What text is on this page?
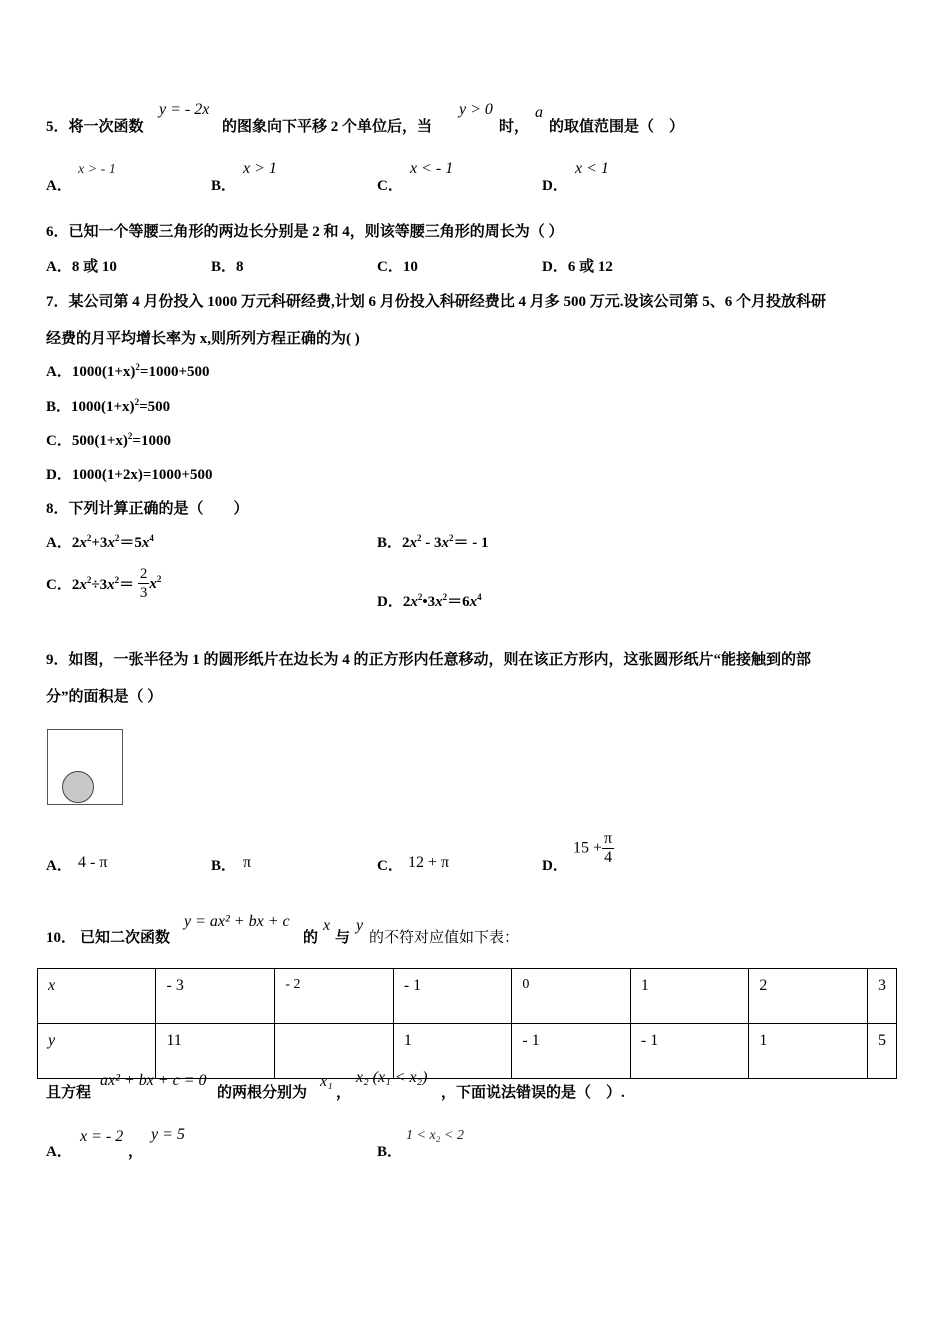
5．将一次函数
y = - 2x
的图象向下平移 2 个单位后，当
y > 0
时，
a
的取值范围是（　）
A．
x > - 1
B．
x > 1
C．
x < - 1
D．
x < 1
6．已知一个等腰三角形的两边长分别是 2 和 4，则该等腰三角形的周长为（ ）
A．8 或 10	B．8	C．10	D．6 或 12
7．某公司第 4 月份投入 1000 万元科研经费,计划 6 月份投入科研经费比 4 月多 500 万元.设该公司第 5、6 个月投放科研
经费的月平均增长率为 x,则所列方程正确的为( )
A．$1000(1+x)^2=1000+500$
B．$1000(1+x)^2=500$
C．$500(1+x)^2=1000$
D．1000(1+2x)=1000+500
8．下列计算正确的是（　　）
A．$2x^2+3x^2=5x^4$	B．$2x^2 - 3x^2= - 1$
C．$2x^2\div 3x^2= \frac{2}{3} x^2$
D．$2x^2•3x^2=6x^4$
9．如图，一张半径为 1 的圆形纸片在边长为 4 的正方形内任意移动，则在该正方形内，这张圆形纸片“能接触到的部
分”的面积是（ ）
A． 4 - π	B． π	C． 12 + π	D．
$15 + \frac{\pi}{4}$
10． 已知二次函数
y = ax² + bx + c
的
x
与
y
的不符对应值如下表：
x	- 3	- 2	- 1	0	1	2	3
y	11		1	- 1	- 1	1	5
且方程
ax² + bx + c = 0
的两根分别为
x₁
，
x₂ (x₁ < x₂)
，下面说法错误的是（　）.
A．
x = - 2
，
y = 5
B．
1 < x₂ < 2
